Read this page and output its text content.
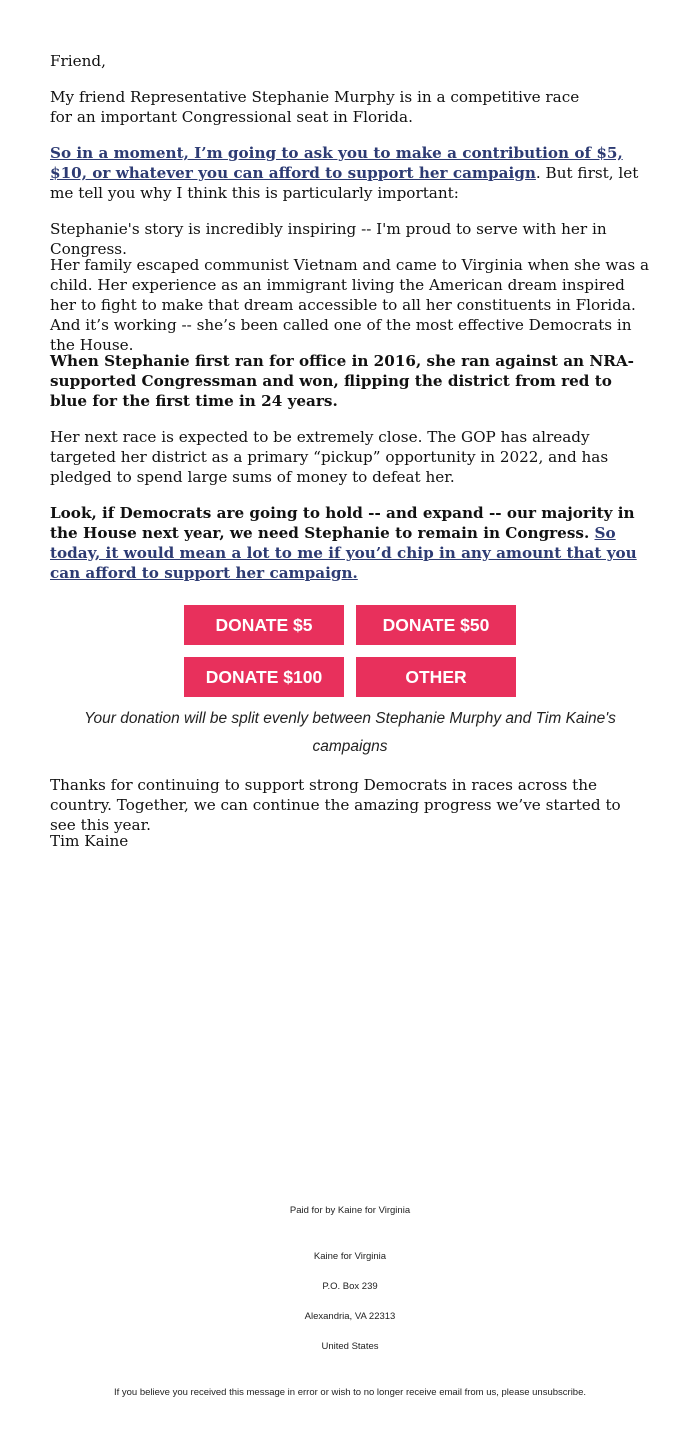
Friend,

My friend Representative Stephanie Murphy is in a competitive race for an important Congressional seat in Florida.

So in a moment, I’m going to ask you to make a contribution of $5, $10, or whatever you can afford to support her campaign. But first, let me tell you why I think this is particularly important:

Stephanie's story is incredibly inspiring -- I'm proud to serve with her in Congress.

Her family escaped communist Vietnam and came to Virginia when she was a child. Her experience as an immigrant living the American dream inspired her to fight to make that dream accessible to all her constituents in Florida. And it’s working -- she’s been called one of the most effective Democrats in the House.

When Stephanie first ran for office in 2016, she ran against an NRA-supported Congressman and won, flipping the district from red to blue for the first time in 24 years.

Her next race is expected to be extremely close. The GOP has already targeted her district as a primary “pickup” opportunity in 2022, and has pledged to spend large sums of money to defeat her.

Look, if Democrats are going to hold -- and expand -- our majority in the House next year, we need Stephanie to remain in Congress. So today, it would mean a lot to me if you’d chip in any amount that you can afford to support her campaign.

DONATE $5	DONATE $50
DONATE $100	OTHER

Your donation will be split evenly between Stephanie Murphy and Tim Kaine's campaigns

Thanks for continuing to support strong Democrats in races across the country. Together, we can continue the amazing progress we’ve started to see this year.

Tim Kaine

Paid for by Kaine for Virginia
Kaine for Virginia
P.O. Box 239
Alexandria, VA 22313
United States
If you believe you received this message in error or wish to no longer receive email from us, please unsubscribe.
